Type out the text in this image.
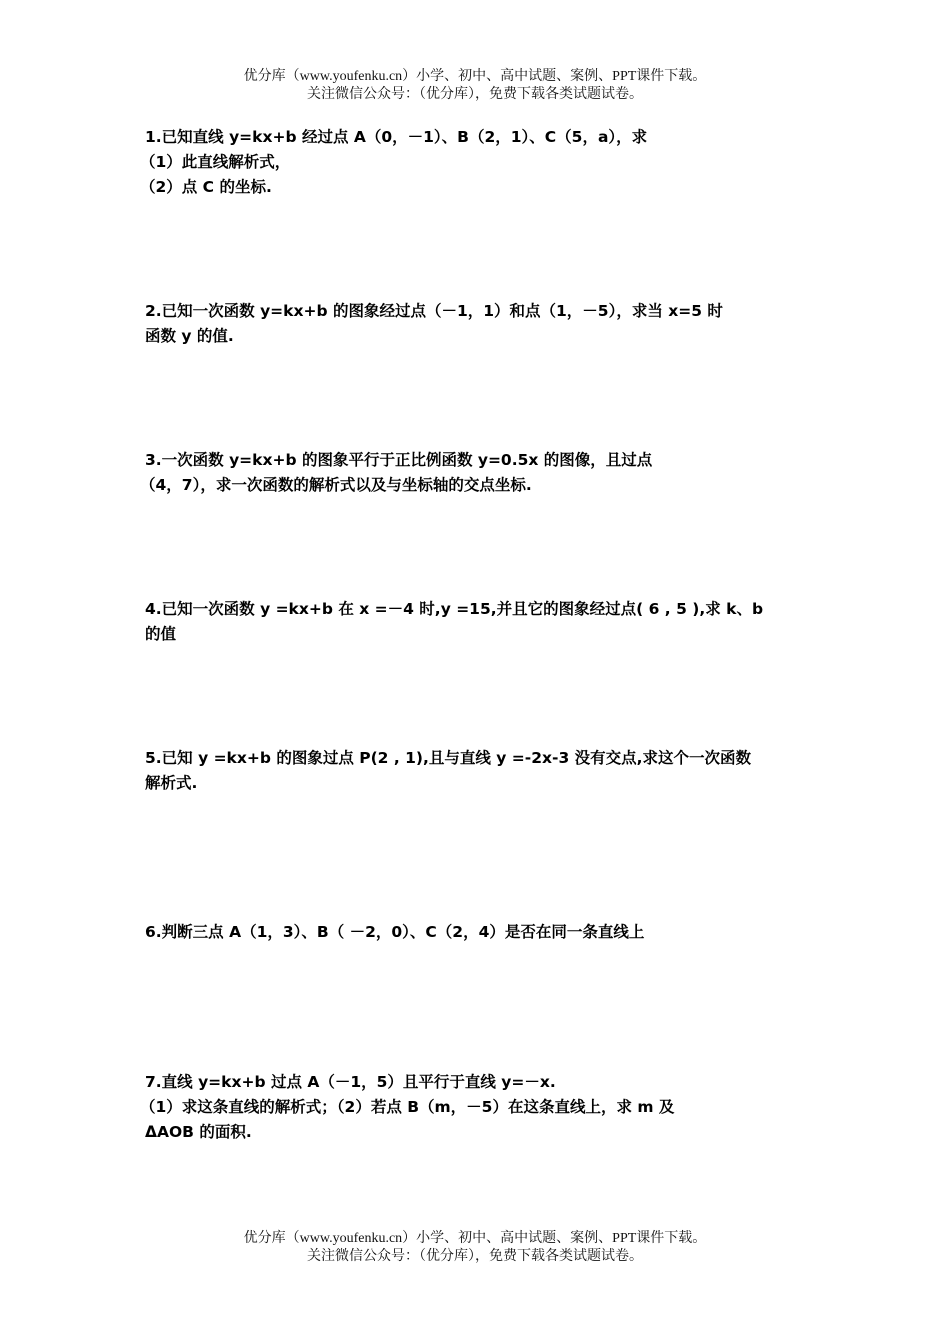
优分库（www.youfenku.cn）小学、初中、高中试题、案例、PPT课件下载。
关注微信公众号：（优分库），免费下载各类试题试卷。
1.已知直线 y=kx+b 经过点 A（0，－1）、B（2，1）、C（5，a），求
（1）此直线解析式，
（2）点 C 的坐标.
2.已知一次函数 y=kx+b 的图象经过点（－1，1）和点（1，－5），求当 x=5 时
函数 y 的值.
3.一次函数 y=kx+b 的图象平行于正比例函数 y=0.5x 的图像，且过点
（4，7），求一次函数的解析式以及与坐标轴的交点坐标.
4.已知一次函数 y =kx+b 在 x =－4 时,y =15,并且它的图象经过点( 6 , 5 ),求 k、b
的值
5.已知 y =kx+b 的图象过点 P(2 , 1),且与直线 y =-2x-3 没有交点,求这个一次函数
解析式.
6.判断三点 A（1，3）、B（ －2，0）、C（2，4）是否在同一条直线上
7.直线 y=kx+b 过点 A（－1，5）且平行于直线 y=－x.
（1）求这条直线的解析式；（2）若点 B（m，－5）在这条直线上，求 m 及
ΔAOB 的面积.
优分库（www.youfenku.cn）小学、初中、高中试题、案例、PPT课件下载。
关注微信公众号：（优分库），免费下载各类试题试卷。
